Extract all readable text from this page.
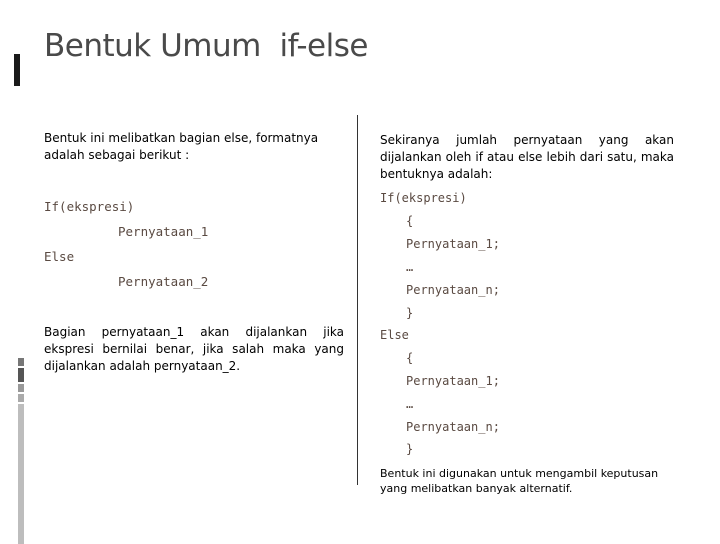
Bentuk Umum  if-else
Bentuk ini melibatkan bagian else, formatnya adalah sebagai berikut :
If(ekspresi)
Pernyataan_1
Else
Pernyataan_2
Bagian pernyataan_1 akan dijalankan jika ekspresi bernilai benar, jika salah maka yang dijalankan adalah pernyataan_2.
Sekiranya jumlah pernyataan yang akan dijalankan oleh if atau else lebih dari satu, maka bentuknya adalah:
If(ekspresi)
{
Pernyataan_1;
…
Pernyataan_n;
}
Else
{
Pernyataan_1;
…
Pernyataan_n;
}
Bentuk ini digunakan untuk mengambil keputusan yang melibatkan banyak alternatif.
